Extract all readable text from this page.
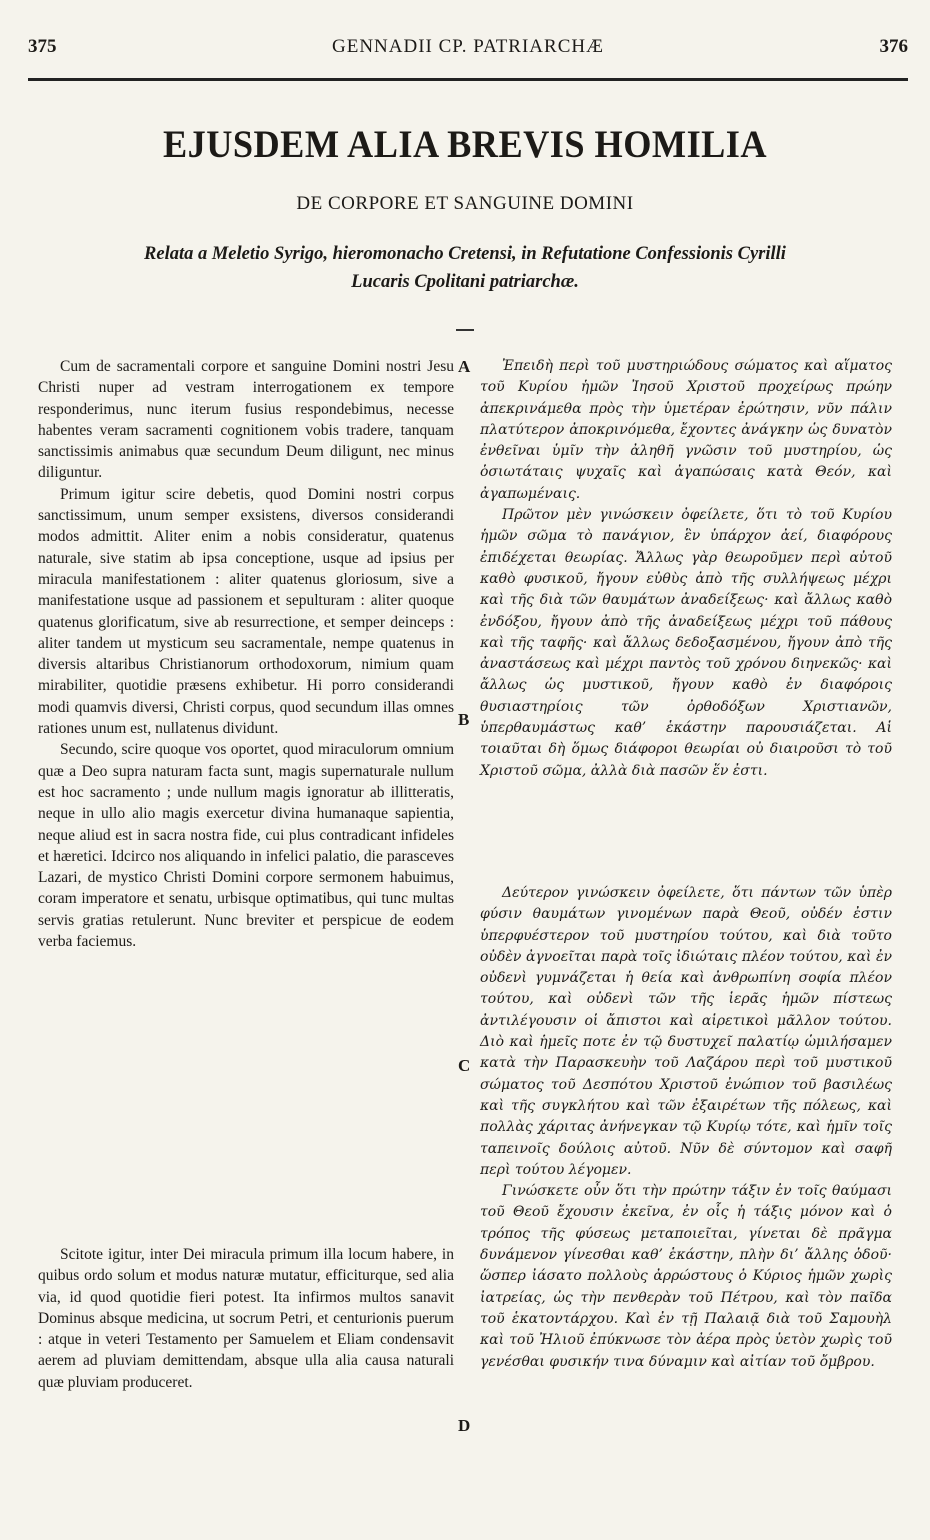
375	GENNADII CP. PATRIARCHÆ	376
EJUSDEM ALIA BREVIS HOMILIA
DE CORPORE ET SANGUINE DOMINI
Relata a Meletio Syrigo, hieromonacho Cretensi, in Refutatione Confessionis Cyrilli
Lucaris Cpolitani patriarchæ.

Cum de sacramentali corpore et sanguine Domini nostri Jesu Christi nuper ad vestram interrogationem ex tempore responderimus, nunc iterum fusius respondebimus, necesse habentes veram sacramenti cognitionem vobis tradere, tanquam sanctissimis animabus quæ secundum Deum diligunt, nec minus diliguntur.

Primum igitur scire debetis, quod Domini nostri corpus sanctissimum, unum semper exsistens, diversos considerandi modos admittit. Aliter enim a nobis consideratur, quatenus naturale, sive statim ab ipsa conceptione, usque ad ipsius per miracula manifestationem : aliter quatenus gloriosum, sive a manifestatione usque ad passionem et sepulturam : aliter quoque quatenus glorificatum, sive ab resurrectione, et semper deinceps : aliter tandem ut mysticum seu sacramentale, nempe quatenus in diversis altaribus Christianorum orthodoxorum, nimium quam mirabiliter, quotidie præsens exhibetur. Hi porro considerandi modi quamvis diversi, Christi corpus, quod secundum illas omnes rationes unum est, nullatenus dividunt.

Secundo, scire quoque vos oportet, quod miraculorum omnium quæ a Deo supra naturam facta sunt, magis supernaturale nullum est hoc sacramento ; unde nullum magis ignoratur ab illitteratis, neque in ullo alio magis exercetur divina humanaque sapientia, neque aliud est in sacra nostra fide, cui plus contradicant infideles et hæretici. Idcirco nos aliquando in infelici palatio, die parasceves Lazari, de mystico Christi Domini corpore sermonem habuimus, coram imperatore et senatu, urbisque optimatibus, qui tunc multas servis gratias retulerunt. Nunc breviter et perspicue de eodem verba faciemus.

Scitote igitur, inter Dei miracula primum illa locum habere, in quibus ordo solum et modus naturæ mutatur, efficiturque, sed alia via, id quod quotidie fieri potest. Ita infirmos multos sanavit Dominus absque medicina, ut socrum Petri, et centurionis puerum : atque in veteri Testamento per Samuelem et Eliam condensavit aerem ad pluviam demittendam, absque ulla alia causa naturali quæ pluviam produceret.

Ἐπειδὴ περὶ τοῦ μυστηριώδους σώματος καὶ αἵματος τοῦ Κυρίου ἡμῶν Ἰησοῦ Χριστοῦ προχείρως πρώην ἀπεκρινάμεθα πρὸς τὴν ὑμετέραν ἐρώτησιν, νῦν πάλιν πλατύτερον ἀποκρινόμεθα, ἔχοντες ἀνάγκην ὡς δυνατὸν ἐνθεῖναι ὑμῖν τὴν ἀληθῆ γνῶσιν τοῦ μυστηρίου, ὡς ὁσιωτάταις ψυχαῖς καὶ ἀγαπώσαις κατὰ Θεόν, καὶ ἀγαπωμέναις.

Πρῶτον μὲν γινώσκειν ὀφείλετε, ὅτι τὸ τοῦ Κυρίου ἡμῶν σῶμα τὸ πανάγιον, ἓν ὑπάρχον ἀεί, διαφόρους ἐπιδέχεται θεωρίας. Ἄλλως γὰρ θεωροῦμεν περὶ αὐτοῦ καθὸ φυσικοῦ, ἤγουν εὐθὺς ἀπὸ τῆς συλλήψεως μέχρι καὶ τῆς διὰ τῶν θαυμάτων ἀναδείξεως· καὶ ἄλλως καθὸ ἐνδόξου, ἤγουν ἀπὸ τῆς ἀναδείξεως μέχρι τοῦ πάθους καὶ τῆς ταφῆς· καὶ ἄλλως δεδοξασμένου, ἤγουν ἀπὸ τῆς ἀναστάσεως καὶ μέχρι παντὸς τοῦ χρόνου διηνεκῶς· καὶ ἄλλως ὡς μυστικοῦ, ἤγουν καθὸ ἐν διαφόροις θυσιαστηρίοις τῶν ὀρθοδόξων Χριστιανῶν, ὑπερθαυμάστως καθ’ ἑκάστην παρουσιάζεται. Αἱ τοιαῦται δὴ ὅμως διάφοροι θεωρίαι οὐ διαιροῦσι τὸ τοῦ Χριστοῦ σῶμα, ἀλλὰ διὰ πασῶν ἕν ἐστι.

Δεύτερον γινώσκειν ὀφείλετε, ὅτι πάντων τῶν ὑπὲρ φύσιν θαυμάτων γινομένων παρὰ Θεοῦ, οὐδέν ἐστιν ὑπερφυέστερον τοῦ μυστηρίου τούτου, καὶ διὰ τοῦτο οὐδὲν ἀγνοεῖται παρὰ τοῖς ἰδιώταις πλέον τούτου, καὶ ἐν οὐδενὶ γυμνάζεται ἡ θεία καὶ ἀνθρωπίνη σοφία πλέον τούτου, καὶ οὐδενὶ τῶν τῆς ἱερᾶς ἡμῶν πίστεως ἀντιλέγουσιν οἱ ἄπιστοι καὶ αἱρετικοὶ μᾶλλον τούτου. Διὸ καὶ ἡμεῖς ποτε ἐν τῷ δυστυχεῖ παλατίῳ ὡμιλήσαμεν κατὰ τὴν Παρασκευὴν τοῦ Λαζάρου περὶ τοῦ μυστικοῦ σώματος τοῦ Δεσπότου Χριστοῦ ἐνώπιον τοῦ βασιλέως καὶ τῆς συγκλήτου καὶ τῶν ἐξαιρέτων τῆς πόλεως, καὶ πολλὰς χάριτας ἀνήνεγκαν τῷ Κυρίῳ τότε, καὶ ἡμῖν τοῖς ταπεινοῖς δούλοις αὐτοῦ. Νῦν δὲ σύντομον καὶ σαφῆ περὶ τούτου λέγομεν.

Γινώσκετε οὖν ὅτι τὴν πρώτην τάξιν ἐν τοῖς θαύμασι τοῦ Θεοῦ ἔχουσιν ἐκεῖνα, ἐν οἷς ἡ τάξις μόνον καὶ ὁ τρόπος τῆς φύσεως μεταποιεῖται, γίνεται δὲ πρᾶγμα δυνάμενον γίνεσθαι καθ’ ἑκάστην, πλὴν δι’ ἄλλης ὁδοῦ· ὥσπερ ἰάσατο πολλοὺς ἀρρώστους ὁ Κύριος ἡμῶν χωρὶς ἰατρείας, ὡς τὴν πενθερὰν τοῦ Πέτρου, καὶ τὸν παῖδα τοῦ ἑκατοντάρχου. Καὶ ἐν τῇ Παλαιᾷ διὰ τοῦ Σαμουὴλ καὶ τοῦ Ἠλιοῦ ἐπύκνωσε τὸν ἀέρα πρὸς ὑετὸν χωρὶς τοῦ γενέσθαι φυσικήν τινα δύναμιν καὶ αἰτίαν τοῦ ὄμβρου.

A
B
C
D
